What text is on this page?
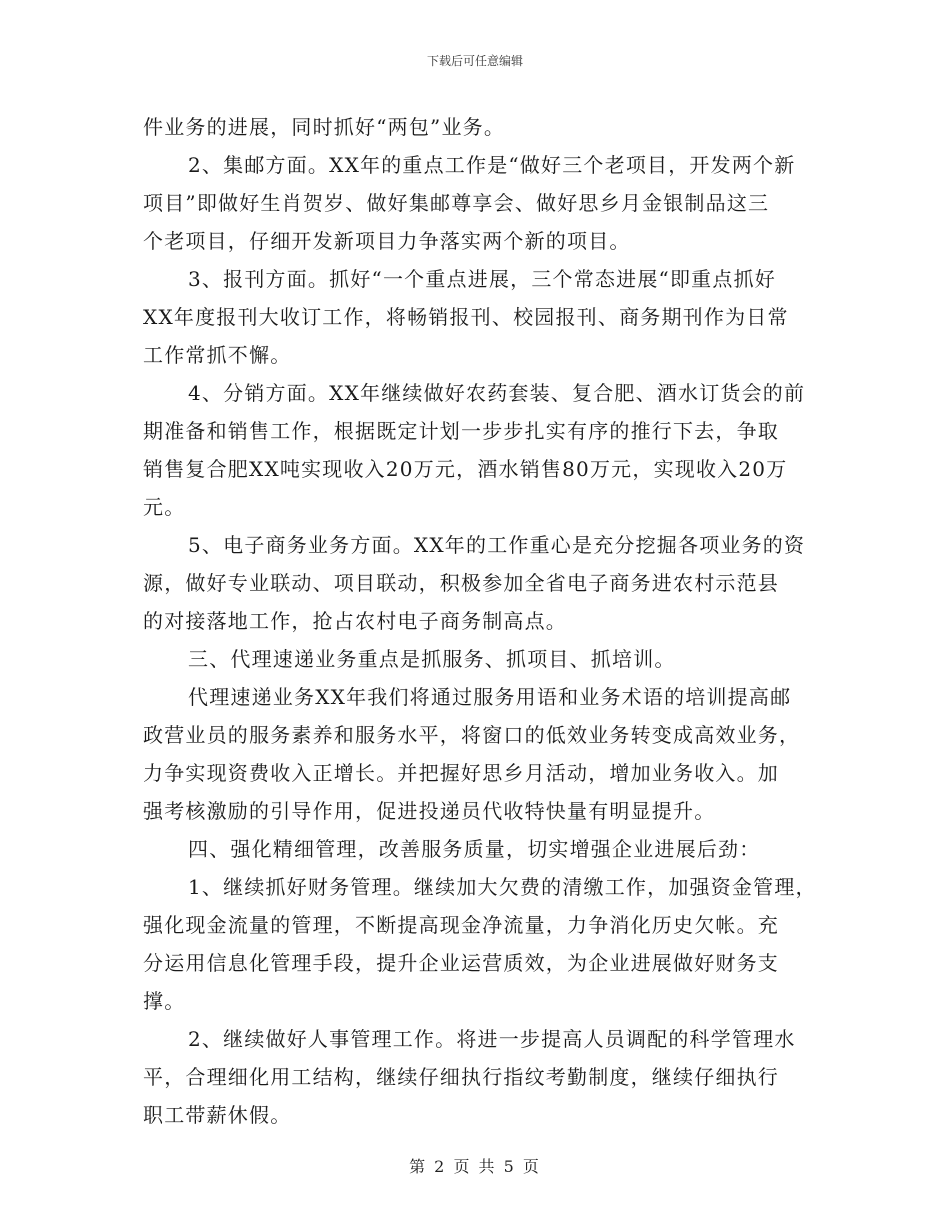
下载后可任意编辑
件业务的进展，同时抓好“两包”业务。
2、集邮方面。XX年的重点工作是“做好三个老项目，开发两个新
项目”即做好生肖贺岁、做好集邮尊享会、做好思乡月金银制品这三
个老项目，仔细开发新项目力争落实两个新的项目。
3、报刊方面。抓好“一个重点进展，三个常态进展“即重点抓好
XX年度报刊大收订工作，将畅销报刊、校园报刊、商务期刊作为日常
工作常抓不懈。
4、分销方面。XX年继续做好农药套装、复合肥、酒水订货会的前
期准备和销售工作，根据既定计划一步步扎实有序的推行下去，争取
销售复合肥XX吨实现收入20万元，酒水销售80万元，实现收入20万
元。
5、电子商务业务方面。XX年的工作重心是充分挖掘各项业务的资
源，做好专业联动、项目联动，积极参加全省电子商务进农村示范县
的对接落地工作，抢占农村电子商务制高点。
三、代理速递业务重点是抓服务、抓项目、抓培训。
代理速递业务XX年我们将通过服务用语和业务术语的培训提高邮
政营业员的服务素养和服务水平，将窗口的低效业务转变成高效业务，
力争实现资费收入正增长。并把握好思乡月活动，增加业务收入。加
强考核激励的引导作用，促进投递员代收特快量有明显提升。
四、强化精细管理，改善服务质量，切实增强企业进展后劲：
1、继续抓好财务管理。继续加大欠费的清缴工作，加强资金管理，
强化现金流量的管理，不断提高现金净流量，力争消化历史欠帐。充
分运用信息化管理手段，提升企业运营质效，为企业进展做好财务支
撑。
2、继续做好人事管理工作。将进一步提高人员调配的科学管理水
平，合理细化用工结构，继续仔细执行指纹考勤制度，继续仔细执行
职工带薪休假。
第 2 页 共 5 页
